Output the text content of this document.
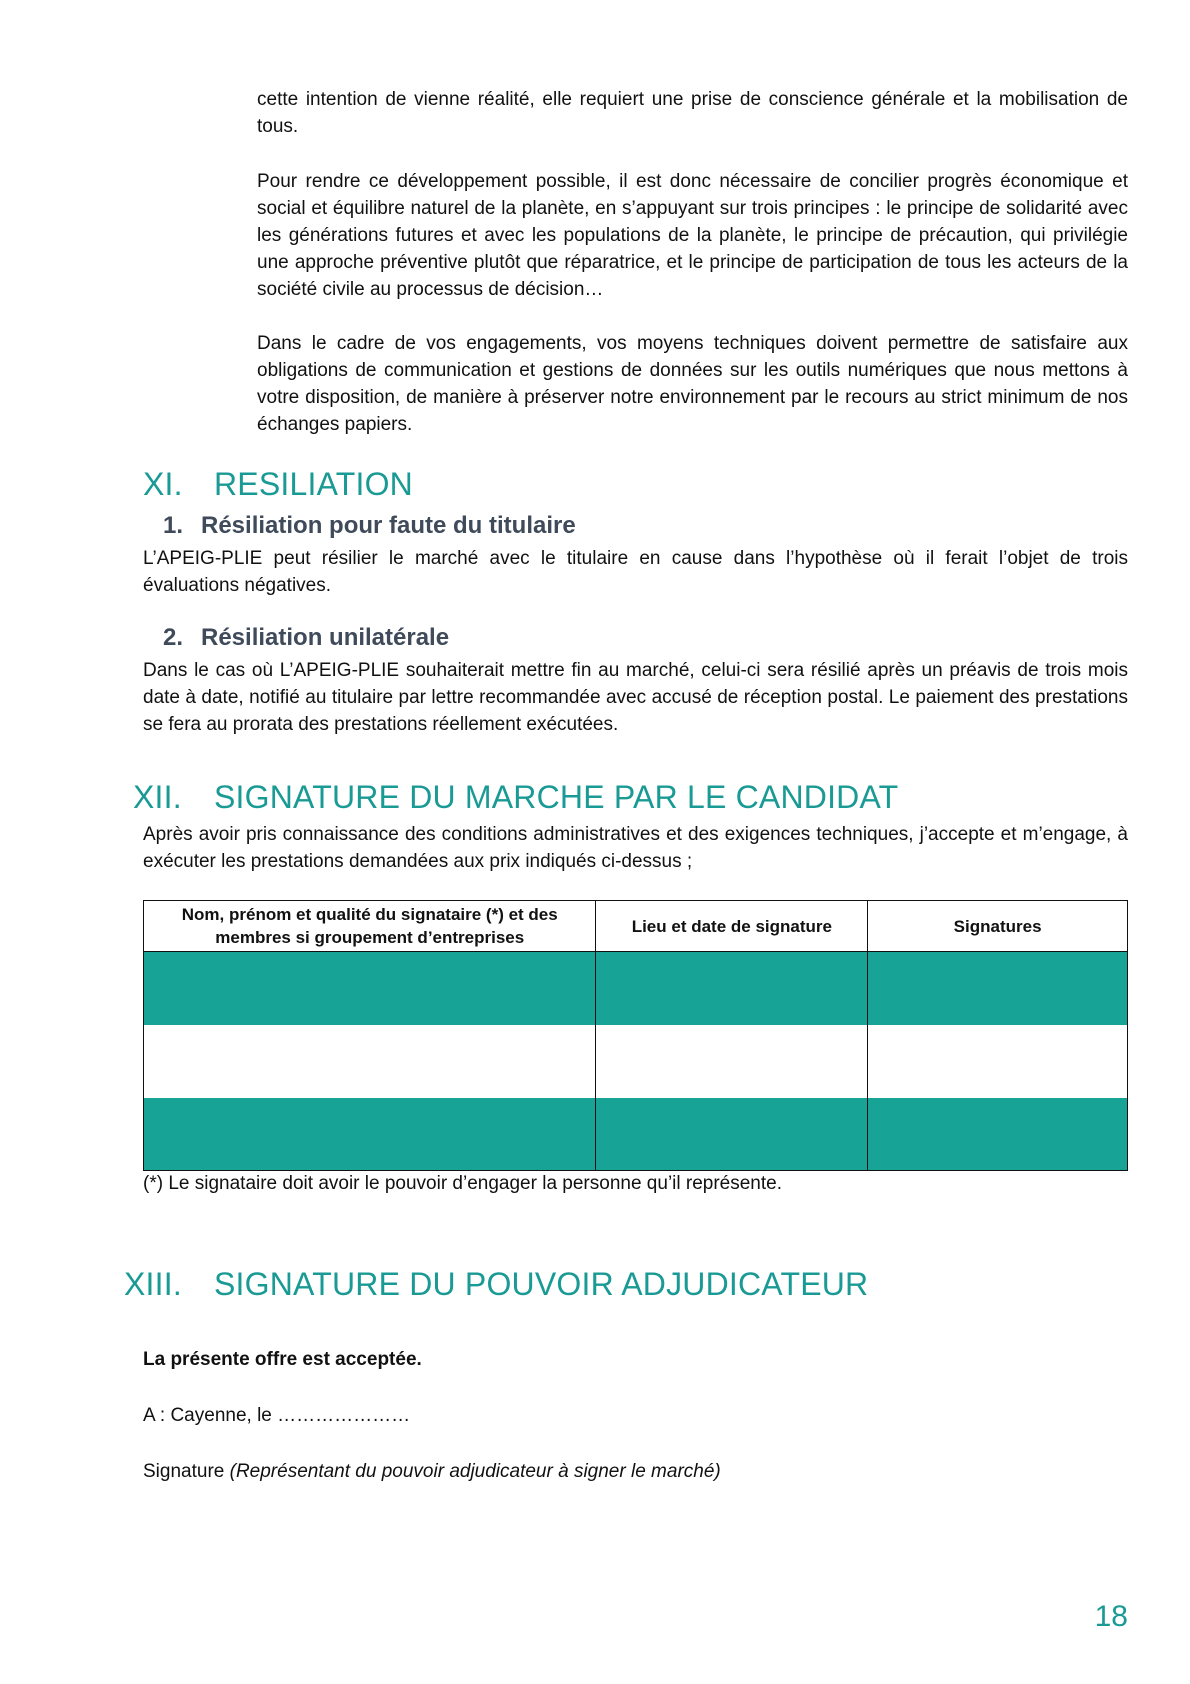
cette intention de vienne réalité, elle requiert une prise de conscience générale et la mobilisation de tous.

Pour rendre ce développement possible, il est donc nécessaire de concilier progrès économique et social et équilibre naturel de la planète, en s’appuyant sur trois principes : le principe de solidarité avec les générations futures et avec les populations de la planète, le principe de précaution, qui privilégie une approche préventive plutôt que réparatrice, et le principe de participation de tous les acteurs de la société civile au processus de décision…

Dans le cadre de vos engagements, vos moyens techniques doivent permettre de satisfaire aux obligations de communication et gestions de données sur les outils numériques que nous mettons à votre disposition, de manière à préserver notre environnement par le recours au strict minimum de nos échanges papiers.

XI. RESILIATION
1. Résiliation pour faute du titulaire

L’APEIG-PLIE peut résilier le marché avec le titulaire en cause dans l’hypothèse où il ferait l’objet de trois évaluations négatives.

2. Résiliation unilatérale

Dans le cas où L’APEIG-PLIE souhaiterait mettre fin au marché, celui-ci sera résilié après un préavis de trois mois date à date, notifié au titulaire par lettre recommandée avec accusé de réception postal. Le paiement des prestations se fera au prorata des prestations réellement exécutées.

XII. SIGNATURE DU MARCHE PAR LE CANDIDAT

Après avoir pris connaissance des conditions administratives et des exigences techniques, j’accepte et m’engage, à exécuter les prestations demandées aux prix indiqués ci-dessus ;

Nom, prénom et qualité du signataire (*) et des membres si groupement d’entreprises	Lieu et date de signature	Signatures

(*) Le signataire doit avoir le pouvoir d’engager la personne qu’il représente.

XIII. SIGNATURE DU POUVOIR ADJUDICATEUR

La présente offre est acceptée.

A : Cayenne, le …………………

Signature (Représentant du pouvoir adjudicateur à signer le marché)

18
